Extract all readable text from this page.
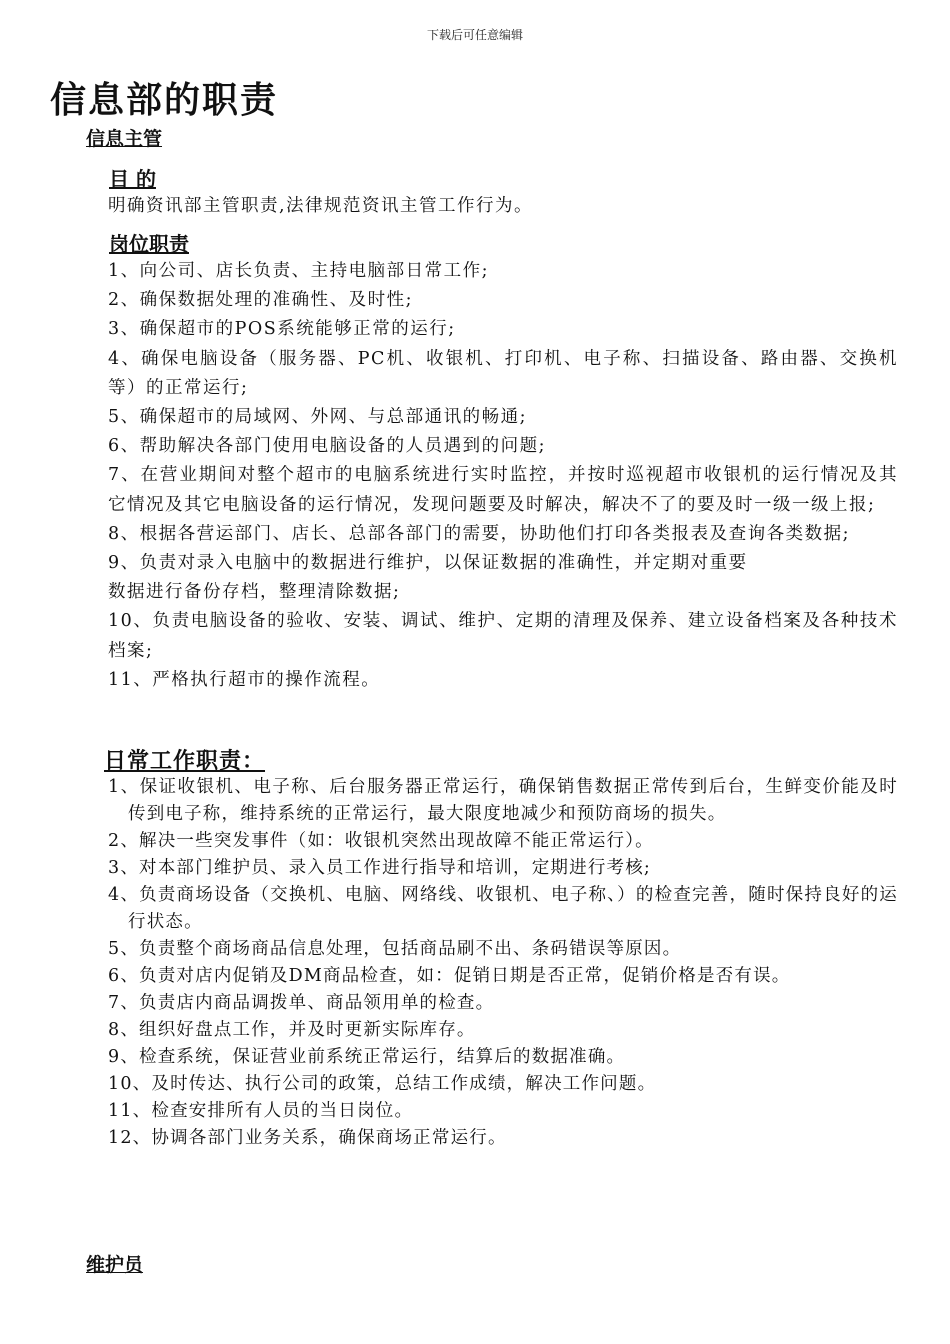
下载后可任意编辑
信息部的职责
信息主管
目 的
明确资讯部主管职责,法律规范资讯主管工作行为。
岗位职责
1、向公司、店长负责、主持电脑部日常工作;
2、确保数据处理的准确性、及时性;
3、确保超市的POS系统能够正常的运行;
4、确保电脑设备（服务器、PC机、收银机、打印机、电子称、扫描设备、路由器、交换机等）的正常运行;
5、确保超市的局域网、外网、与总部通讯的畅通;
6、帮助解决各部门使用电脑设备的人员遇到的问题;
7、在营业期间对整个超市的电脑系统进行实时监控，并按时巡视超市收银机的运行情况及其它情况及其它电脑设备的运行情况，发现问题要及时解决，解决不了的要及时一级一级上报;
8、根据各营运部门、店长、总部各部门的需要，协助他们打印各类报表及查询各类数据;
9、负责对录入电脑中的数据进行维护，以保证数据的准确性，并定期对重要
数据进行备份存档，整理清除数据;
10、负责电脑设备的验收、安装、调试、维护、定期的清理及保养、建立设备档案及各种技术档案;
11、严格执行超市的操作流程。
日常工作职责：
1、保证收银机、电子称、后台服务器正常运行，确保销售数据正常传到后台，生鲜变价能及时传到电子称，维持系统的正常运行，最大限度地减少和预防商场的损失。
2、解决一些突发事件（如：收银机突然出现故障不能正常运行）。
3、对本部门维护员、录入员工作进行指导和培训，定期进行考核;
4、负责商场设备（交换机、电脑、网络线、收银机、电子称、）的检查完善，随时保持良好的运行状态。
5、负责整个商场商品信息处理，包括商品刷不出、条码错误等原因。
6、负责对店内促销及DM商品检查，如：促销日期是否正常，促销价格是否有误。
7、负责店内商品调拨单、商品领用单的检查。
8、组织好盘点工作，并及时更新实际库存。
9、检查系统，保证营业前系统正常运行，结算后的数据准确。
10、及时传达、执行公司的政策，总结工作成绩，解决工作问题。
11、检查安排所有人员的当日岗位。
12、协调各部门业务关系，确保商场正常运行。
维护员
